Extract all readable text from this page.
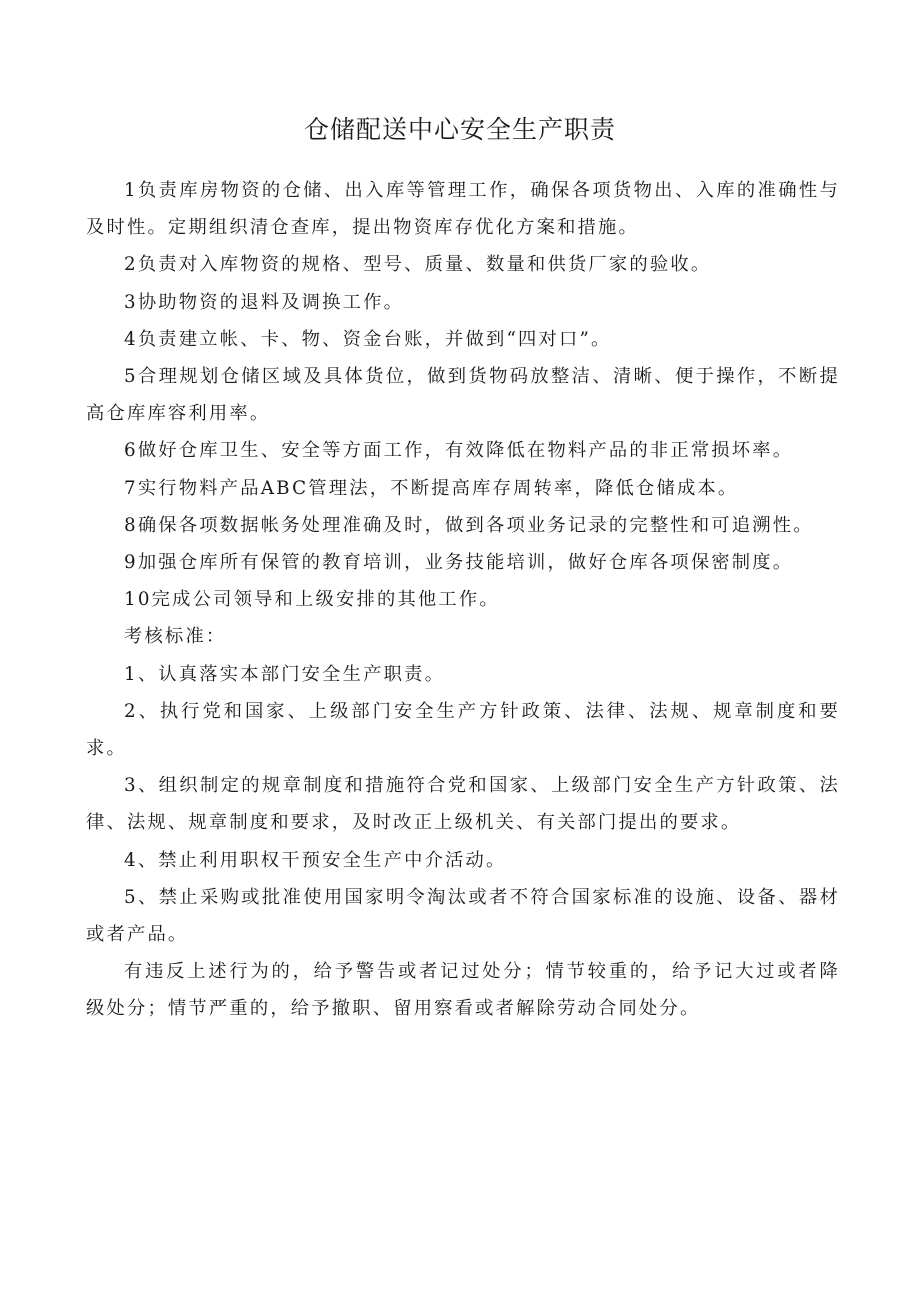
仓储配送中心安全生产职责

1负责库房物资的仓储、出入库等管理工作，确保各项货物出、入库的准确性与及时性。定期组织清仓查库，提出物资库存优化方案和措施。

2负责对入库物资的规格、型号、质量、数量和供货厂家的验收。

3协助物资的退料及调换工作。

4负责建立帐、卡、物、资金台账，并做到“四对口”。

5合理规划仓储区域及具体货位，做到货物码放整洁、清晰、便于操作，不断提高仓库库容利用率。

6做好仓库卫生、安全等方面工作，有效降低在物料产品的非正常损坏率。

7实行物料产品ABC管理法，不断提高库存周转率，降低仓储成本。

8确保各项数据帐务处理准确及时，做到各项业务记录的完整性和可追溯性。

9加强仓库所有保管的教育培训，业务技能培训，做好仓库各项保密制度。

10完成公司领导和上级安排的其他工作。

考核标准：

1、认真落实本部门安全生产职责。

2、执行党和国家、上级部门安全生产方针政策、法律、法规、规章制度和要求。

3、组织制定的规章制度和措施符合党和国家、上级部门安全生产方针政策、法律、法规、规章制度和要求，及时改正上级机关、有关部门提出的要求。

4、禁止利用职权干预安全生产中介活动。

5、禁止采购或批准使用国家明令淘汰或者不符合国家标准的设施、设备、器材或者产品。

有违反上述行为的，给予警告或者记过处分；情节较重的，给予记大过或者降级处分；情节严重的，给予撤职、留用察看或者解除劳动合同处分。
